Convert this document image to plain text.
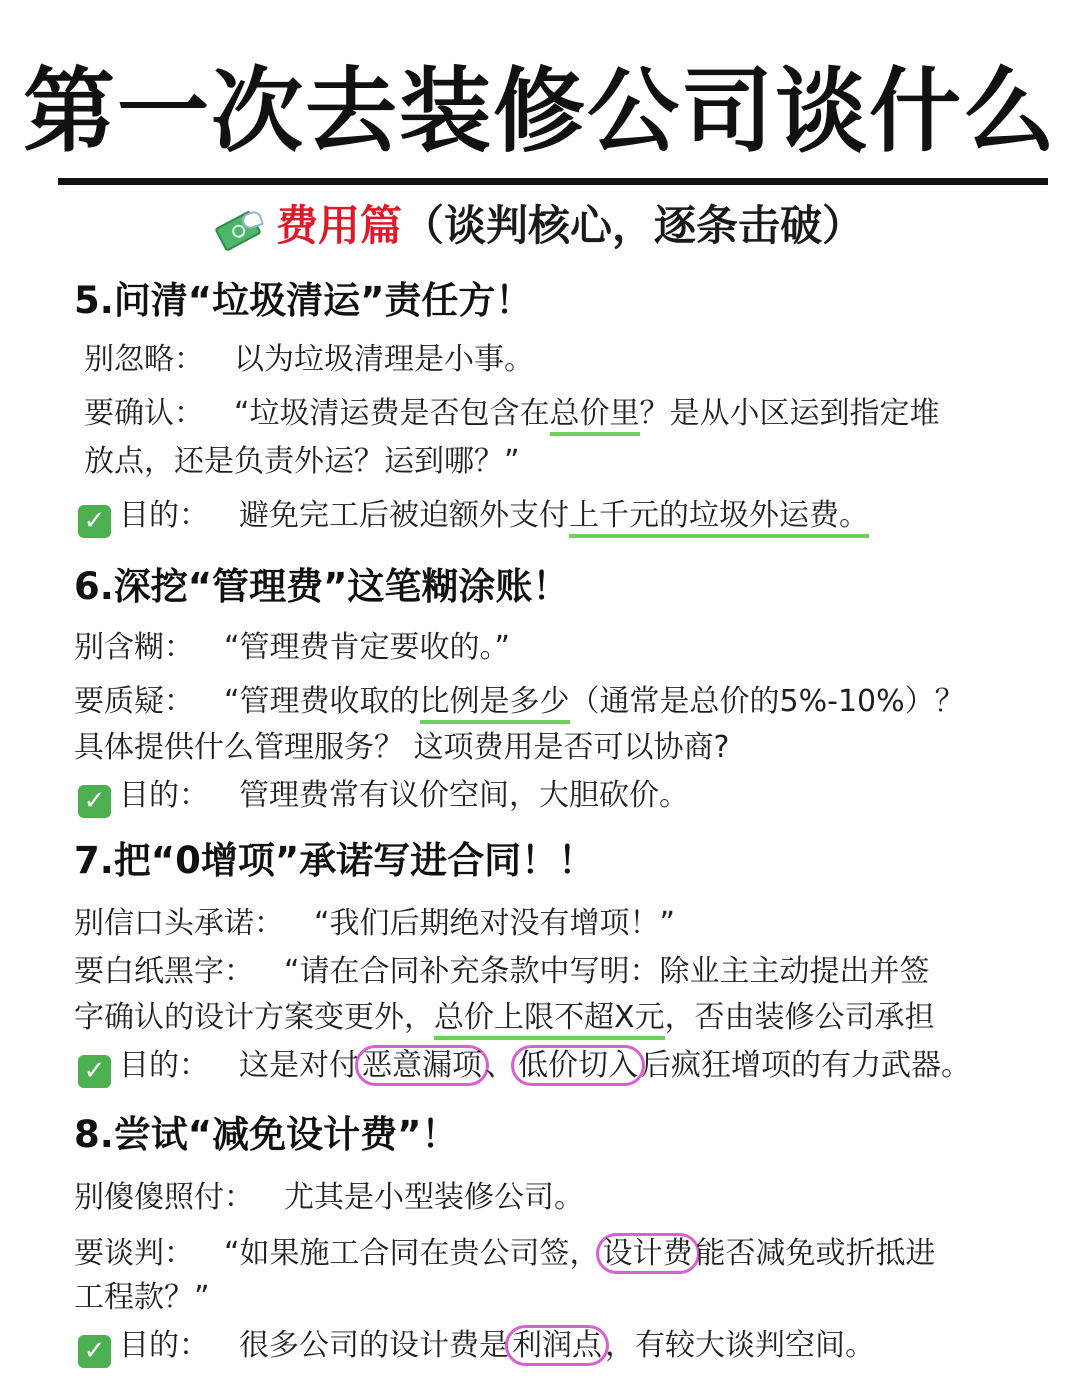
第一次去装修公司谈什么
费用篇（谈判核心，逐条击破）
5.问清“垃圾清运”责任方！
别忽略： 以为垃圾清理是小事。
要确认： “垃圾清运费是否包含在总价里？是从小区运到指定堆
放点，还是负责外运？运到哪？”
✓ 目的： 避免完工后被迫额外支付上千元的垃圾外运费。
6.深挖“管理费”这笔糊涂账！
别含糊： “管理费肯定要收的。”
要质疑： “管理费收取的比例是多少（通常是总价的5%-10%）？
具体提供什么管理服务？ 这项费用是否可以协商?
✓ 目的： 管理费常有议价空间，大胆砍价。
7.把“0增项”承诺写进合同！！
别信口头承诺： “我们后期绝对没有增项！”
要白纸黑字： “请在合同补充条款中写明：除业主主动提出并签
字确认的设计方案变更外，总价上限不超X元，否由装修公司承担
✓ 目的： 这是对付 恶意漏项 、 低价切入 后疯狂增项的有力武器。
8.尝试“减免设计费”！
别傻傻照付： 尤其是小型装修公司。
要谈判： “如果施工合同在贵公司签， 设计费 能否减免或折抵进
工程款？”
✓ 目的： 很多公司的设计费是 利润点 ，有较大谈判空间。
